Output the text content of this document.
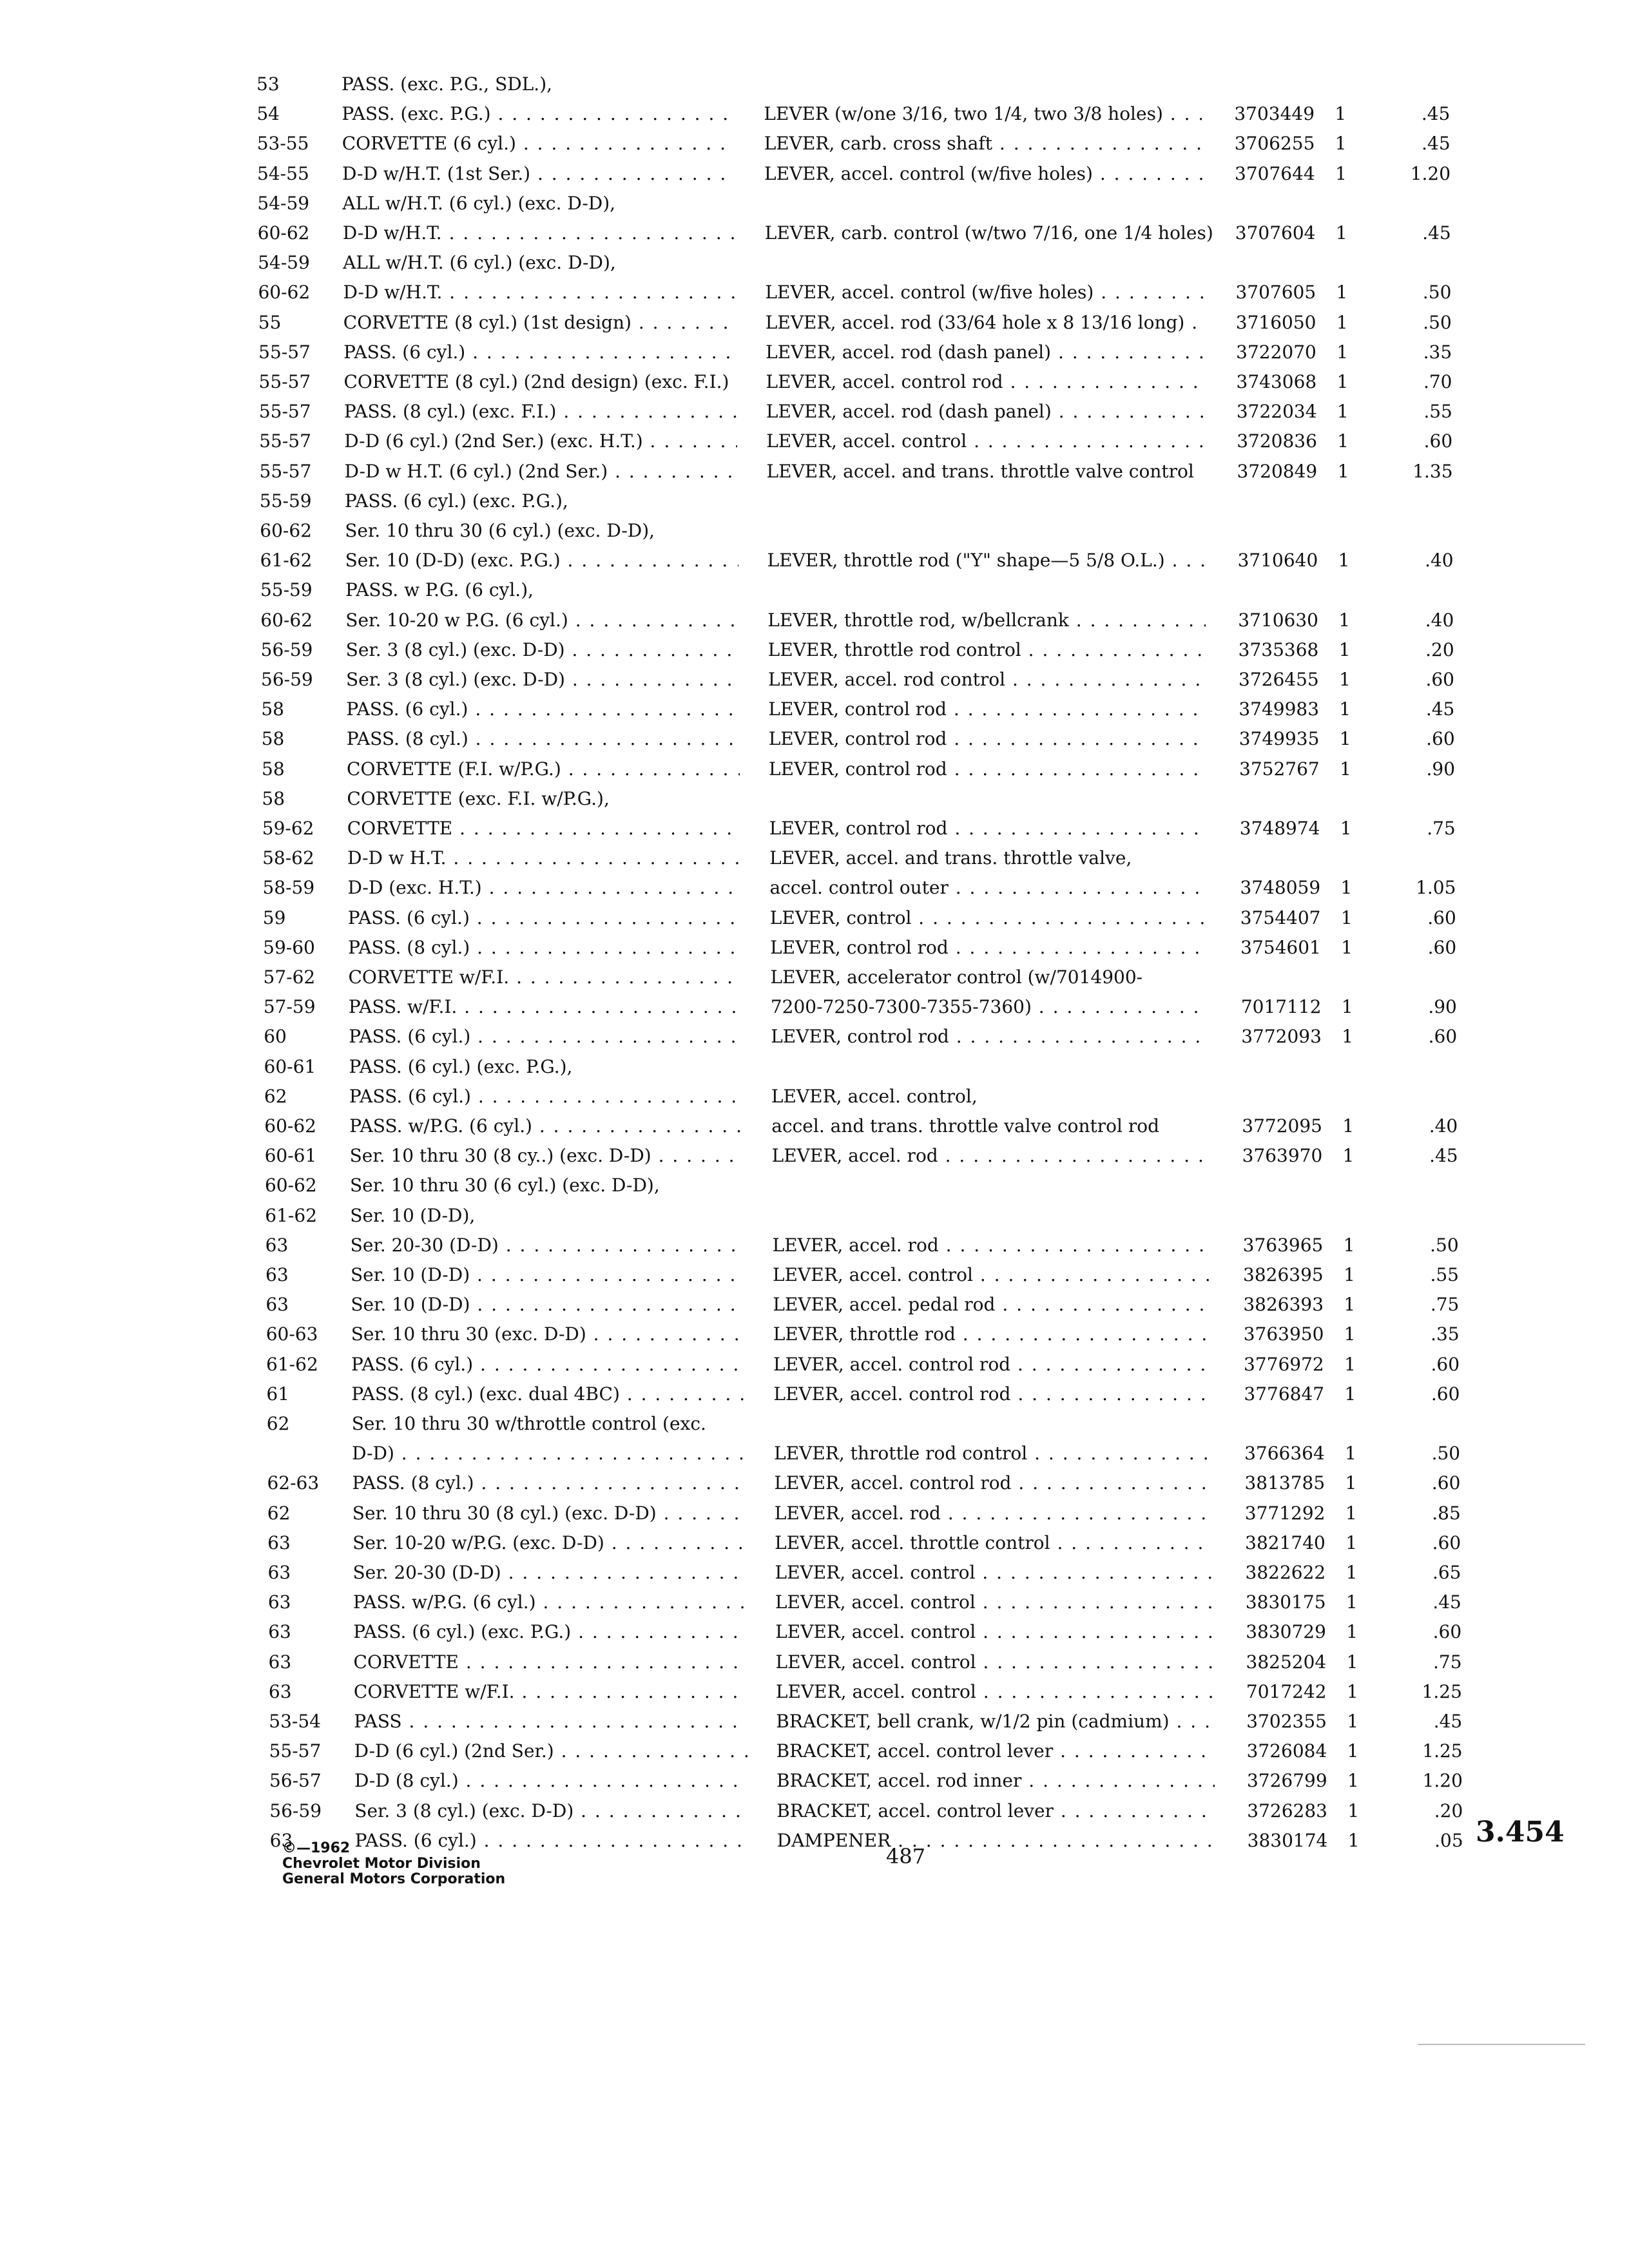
53	PASS. (exc. P.G., SDL.),
54	PASS. (exc. P.G.) . . .	LEVER (w/one 3/16, two 1/4, two 3/8 holes) . . .	3703449	1	.45
53-55	CORVETTE (6 cyl.) . . .	LEVER, carb. cross shaft . . .	3706255	1	.45
54-55	D-D w/H.T. (1st Ser.) . . .	LEVER, accel. control (w/five holes) . . .	3707644	1	1.20
54-59	ALL w/H.T. (6 cyl.) (exc. D-D),
60-62	D-D w/H.T. . . .	LEVER, carb. control (w/two 7/16, one 1/4 holes)	3707604	1	.45
54-59	ALL w/H.T. (6 cyl.) (exc. D-D),
60-62	D-D w/H.T. . . .	LEVER, accel. control (w/five holes) . . .	3707605	1	.50
55	CORVETTE (8 cyl.) (1st design) . . .	LEVER, accel. rod (33/64 hole x 8 13/16 long) . . .	3716050	1	.50
55-57	PASS. (6 cyl.) . . .	LEVER, accel. rod (dash panel) . . .	3722070	1	.35
55-57	CORVETTE (8 cyl.) (2nd design) (exc. F.I.)	LEVER, accel. control rod . . .	3743068	1	.70
55-57	PASS. (8 cyl.) (exc. F.I.) . . .	LEVER, accel. rod (dash panel) . . .	3722034	1	.55
55-57	D-D (6 cyl.) (2nd Ser.) (exc. H.T.) . . .	LEVER, accel. control . . .	3720836	1	.60
55-57	D-D w H.T. (6 cyl.) (2nd Ser.) . . .	LEVER, accel. and trans. throttle valve control	3720849	1	1.35
55-59	PASS. (6 cyl.) (exc. P.G.),
60-62	Ser. 10 thru 30 (6 cyl.) (exc. D-D),
61-62	Ser. 10 (D-D) (exc. P.G.) . . .	LEVER, throttle rod ("Y" shape—5 5/8 O.L.) . . .	3710640	1	.40
55-59	PASS. w P.G. (6 cyl.),
60-62	Ser. 10-20 w P.G. (6 cyl.) . . .	LEVER, throttle rod, w/bellcrank . . .	3710630	1	.40
56-59	Ser. 3 (8 cyl.) (exc. D-D) . . .	LEVER, throttle rod control . . .	3735368	1	.20
56-59	Ser. 3 (8 cyl.) (exc. D-D) . . .	LEVER, accel. rod control . . .	3726455	1	.60
58	PASS. (6 cyl.) . . .	LEVER, control rod . . .	3749983	1	.45
58	PASS. (8 cyl.) . . .	LEVER, control rod . . .	3749935	1	.60
58	CORVETTE (F.I. w/P.G.) . . .	LEVER, control rod . . .	3752767	1	.90
58	CORVETTE (exc. F.I. w/P.G.),
59-62	CORVETTE . . .	LEVER, control rod . . .	3748974	1	.75
58-62	D-D w H.T. . . .	LEVER, accel. and trans. throttle valve,
58-59	D-D (exc. H.T.) . . .	accel. control outer . . .	3748059	1	1.05
59	PASS. (6 cyl.) . . .	LEVER, control . . .	3754407	1	.60
59-60	PASS. (8 cyl.) . . .	LEVER, control rod . . .	3754601	1	.60
57-62	CORVETTE w/F.I. . . .	LEVER, accelerator control (w/7014900-
57-59	PASS. w/F.I. . . .	7200-7250-7300-7355-7360) . . .	7017112	1	.90
60	PASS. (6 cyl.) . . .	LEVER, control rod . . .	3772093	1	.60
60-61	PASS. (6 cyl.) (exc. P.G.),
62	PASS. (6 cyl.) . . .	LEVER, accel. control,
60-62	PASS. w/P.G. (6 cyl.) . . .	accel. and trans. throttle valve control rod	3772095	1	.40
60-61	Ser. 10 thru 30 (8 cy..) (exc. D-D) . . .	LEVER, accel. rod . . .	3763970	1	.45
60-62	Ser. 10 thru 30 (6 cyl.) (exc. D-D),
61-62	Ser. 10 (D-D),
63	Ser. 20-30 (D-D) . . .	LEVER, accel. rod . . .	3763965	1	.50
63	Ser. 10 (D-D) . . .	LEVER, accel. control . . .	3826395	1	.55
63	Ser. 10 (D-D) . . .	LEVER, accel. pedal rod . . .	3826393	1	.75
60-63	Ser. 10 thru 30 (exc. D-D) . . .	LEVER, throttle rod . . .	3763950	1	.35
61-62	PASS. (6 cyl.) . . .	LEVER, accel. control rod . . .	3776972	1	.60
61	PASS. (8 cyl.) (exc. dual 4BC) . . .	LEVER, accel. control rod . . .	3776847	1	.60
62	Ser. 10 thru 30 w/throttle control (exc.
D-D) . . .	LEVER, throttle rod control . . .	3766364	1	.50
62-63	PASS. (8 cyl.) . . .	LEVER, accel. control rod . . .	3813785	1	.60
62	Ser. 10 thru 30 (8 cyl.) (exc. D-D) . . .	LEVER, accel. rod . . .	3771292	1	.85
63	Ser. 10-20 w/P.G. (exc. D-D) . . .	LEVER, accel. throttle control . . .	3821740	1	.60
63	Ser. 20-30 (D-D) . . .	LEVER, accel. control . . .	3822622	1	.65
63	PASS. w/P.G. (6 cyl.) . . .	LEVER, accel. control . . .	3830175	1	.45
63	PASS. (6 cyl.) (exc. P.G.) . . .	LEVER, accel. control . . .	3830729	1	.60
63	CORVETTE . . .	LEVER, accel. control . . .	3825204	1	.75
63	CORVETTE w/F.I. . . .	LEVER, accel. control . . .	7017242	1	1.25
53-54	PASS . . .	BRACKET, bell crank, w/1/2 pin (cadmium) . . .	3702355	1	.45
55-57	D-D (6 cyl.) (2nd Ser.) . . .	BRACKET, accel. control lever . . .	3726084	1	1.25
56-57	D-D (8 cyl.) . . .	BRACKET, accel. rod inner . . .	3726799	1	1.20
56-59	Ser. 3 (8 cyl.) (exc. D-D) . . .	BRACKET, accel. control lever . . .	3726283	1	.20
63	PASS. (6 cyl.) . . .	DAMPENER . . .	3830174	1	.05
©—1962
Chevrolet Motor Division
General Motors Corporation
487
3.454
